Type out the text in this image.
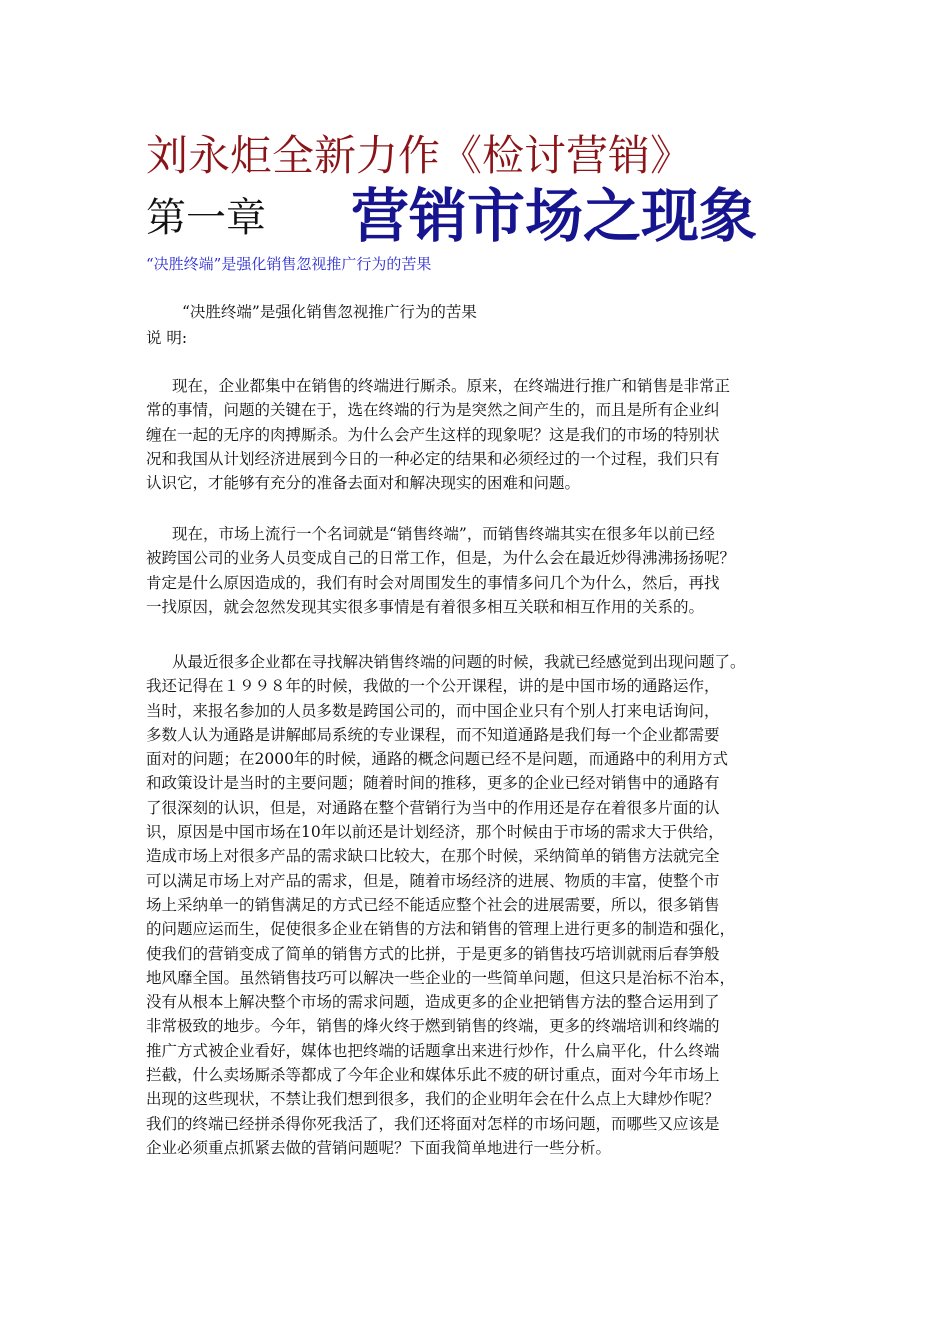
刘永炬全新力作《检讨营销》
第一章 营销市场之现象
“决胜终端”是强化销售忽视推广行为的苦果
“决胜终端”是强化销售忽视推广行为的苦果
说 明:

现在，企业都集中在销售的终端进行厮杀。原来，在终端进行推广和销售是非常正
常的事情，问题的关键在于，选在终端的行为是突然之间产生的，而且是所有企业纠
缠在一起的无序的肉搏厮杀。为什么会产生这样的现象呢？这是我们的市场的特别状
况和我国从计划经济进展到今日的一种必定的结果和必须经过的一个过程，我们只有
认识它，才能够有充分的准备去面对和解决现实的困难和问题。

现在，市场上流行一个名词就是“销售终端”，而销售终端其实在很多年以前已经
被跨国公司的业务人员变成自己的日常工作，但是，为什么会在最近炒得沸沸扬扬呢？
肯定是什么原因造成的，我们有时会对周围发生的事情多问几个为什么，然后，再找
一找原因，就会忽然发现其实很多事情是有着很多相互关联和相互作用的关系的。

从最近很多企业都在寻找解决销售终端的问题的时候，我就已经感觉到出现问题了。
我还记得在１９９８年的时候，我做的一个公开课程，讲的是中国市场的通路运作，
当时，来报名参加的人员多数是跨国公司的，而中国企业只有个别人打来电话询问，
多数人认为通路是讲解邮局系统的专业课程，而不知道通路是我们每一个企业都需要
面对的问题；在2000年的时候，通路的概念问题已经不是问题，而通路中的利用方式
和政策设计是当时的主要问题；随着时间的推移，更多的企业已经对销售中的通路有
了很深刻的认识，但是，对通路在整个营销行为当中的作用还是存在着很多片面的认
识，原因是中国市场在10年以前还是计划经济，那个时候由于市场的需求大于供给，
造成市场上对很多产品的需求缺口比较大，在那个时候，采纳简单的销售方法就完全
可以满足市场上对产品的需求，但是，随着市场经济的进展、物质的丰富，使整个市
场上采纳单一的销售满足的方式已经不能适应整个社会的进展需要，所以，很多销售
的问题应运而生，促使很多企业在销售的方法和销售的管理上进行更多的制造和强化，
使我们的营销变成了简单的销售方式的比拼，于是更多的销售技巧培训就雨后春笋般
地风靡全国。虽然销售技巧可以解决一些企业的一些简单问题，但这只是治标不治本，
没有从根本上解决整个市场的需求问题，造成更多的企业把销售方法的整合运用到了
非常极致的地步。今年，销售的烽火终于燃到销售的终端，更多的终端培训和终端的
推广方式被企业看好，媒体也把终端的话题拿出来进行炒作，什么扁平化，什么终端
拦截，什么卖场厮杀等都成了今年企业和媒体乐此不疲的研讨重点，面对今年市场上
出现的这些现状，不禁让我们想到很多，我们的企业明年会在什么点上大肆炒作呢？
我们的终端已经拼杀得你死我活了，我们还将面对怎样的市场问题，而哪些又应该是
企业必须重点抓紧去做的营销问题呢？下面我简单地进行一些分析。
